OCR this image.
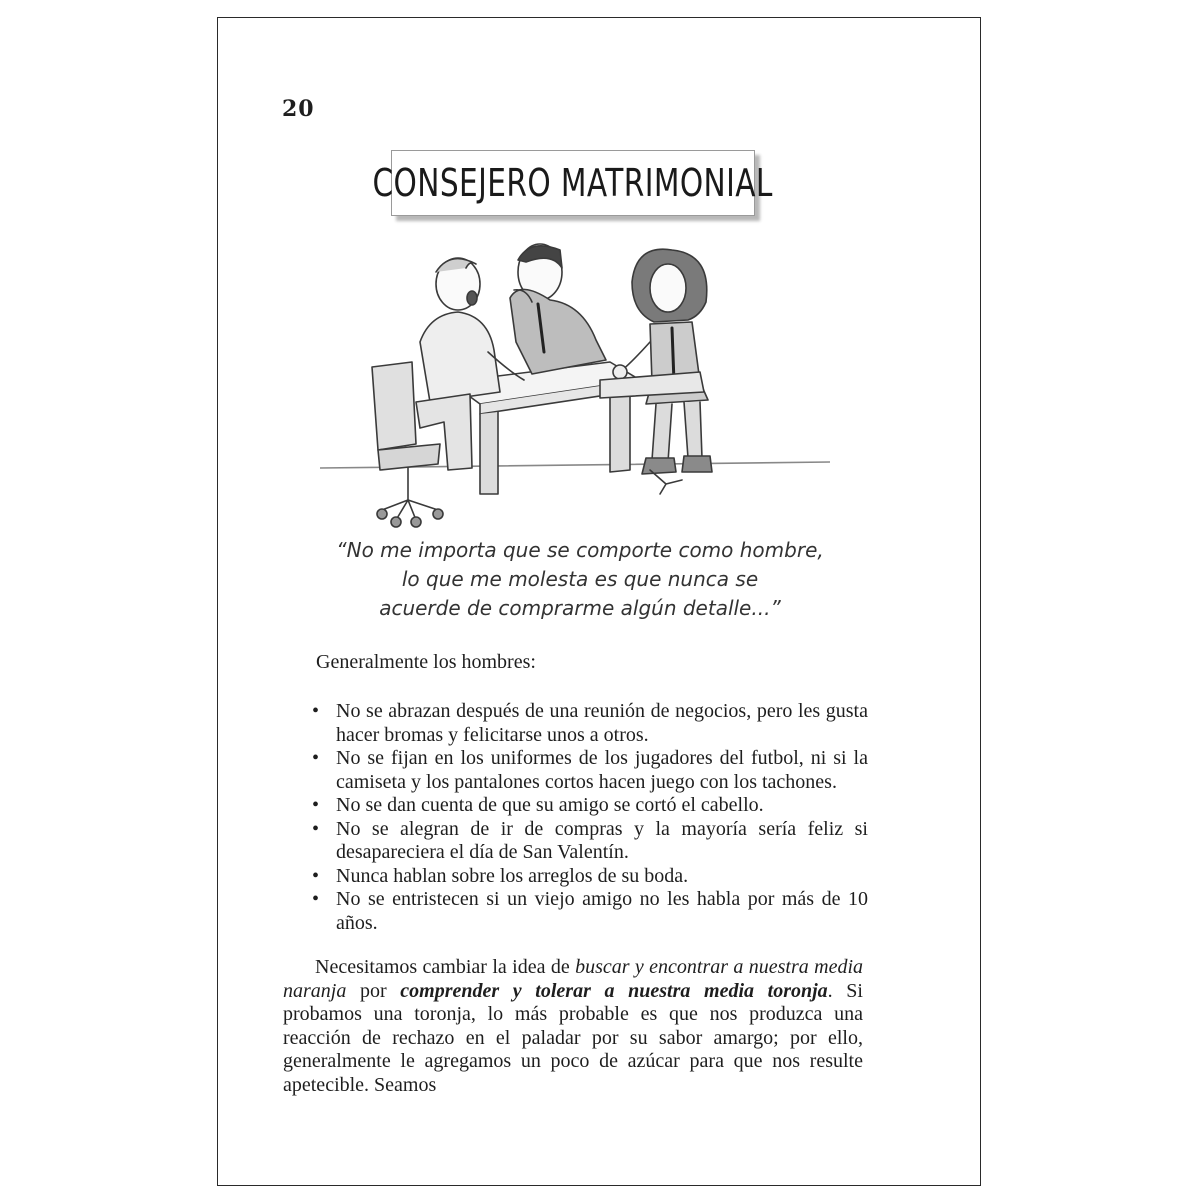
20
CONSEJERO MATRIMONIAL
“No me importa que se comporte como hombre,
lo que me molesta es que nunca se
acuerde de comprarme algún detalle...”
Generalmente los hombres:
• No se abrazan después de una reunión de negocios, pero les gusta hacer bromas y felicitarse unos a otros.
• No se fijan en los uniformes de los jugadores del futbol, ni si la camiseta y los pantalones cortos hacen juego con los tachones.
• No se dan cuenta de que su amigo se cortó el cabello.
• No se alegran de ir de compras y la mayoría sería feliz si desapareciera el día de San Valentín.
• Nunca hablan sobre los arreglos de su boda.
• No se entristecen si un viejo amigo no les habla por más de 10 años.
Necesitamos cambiar la idea de buscar y encontrar a nuestra media naranja por comprender y tolerar a nuestra media toronja. Si probamos una toronja, lo más probable es que nos produzca una reacción de rechazo en el paladar por su sabor amargo; por ello, generalmente le agregamos un poco de azúcar para que nos resulte apetecible. Seamos
